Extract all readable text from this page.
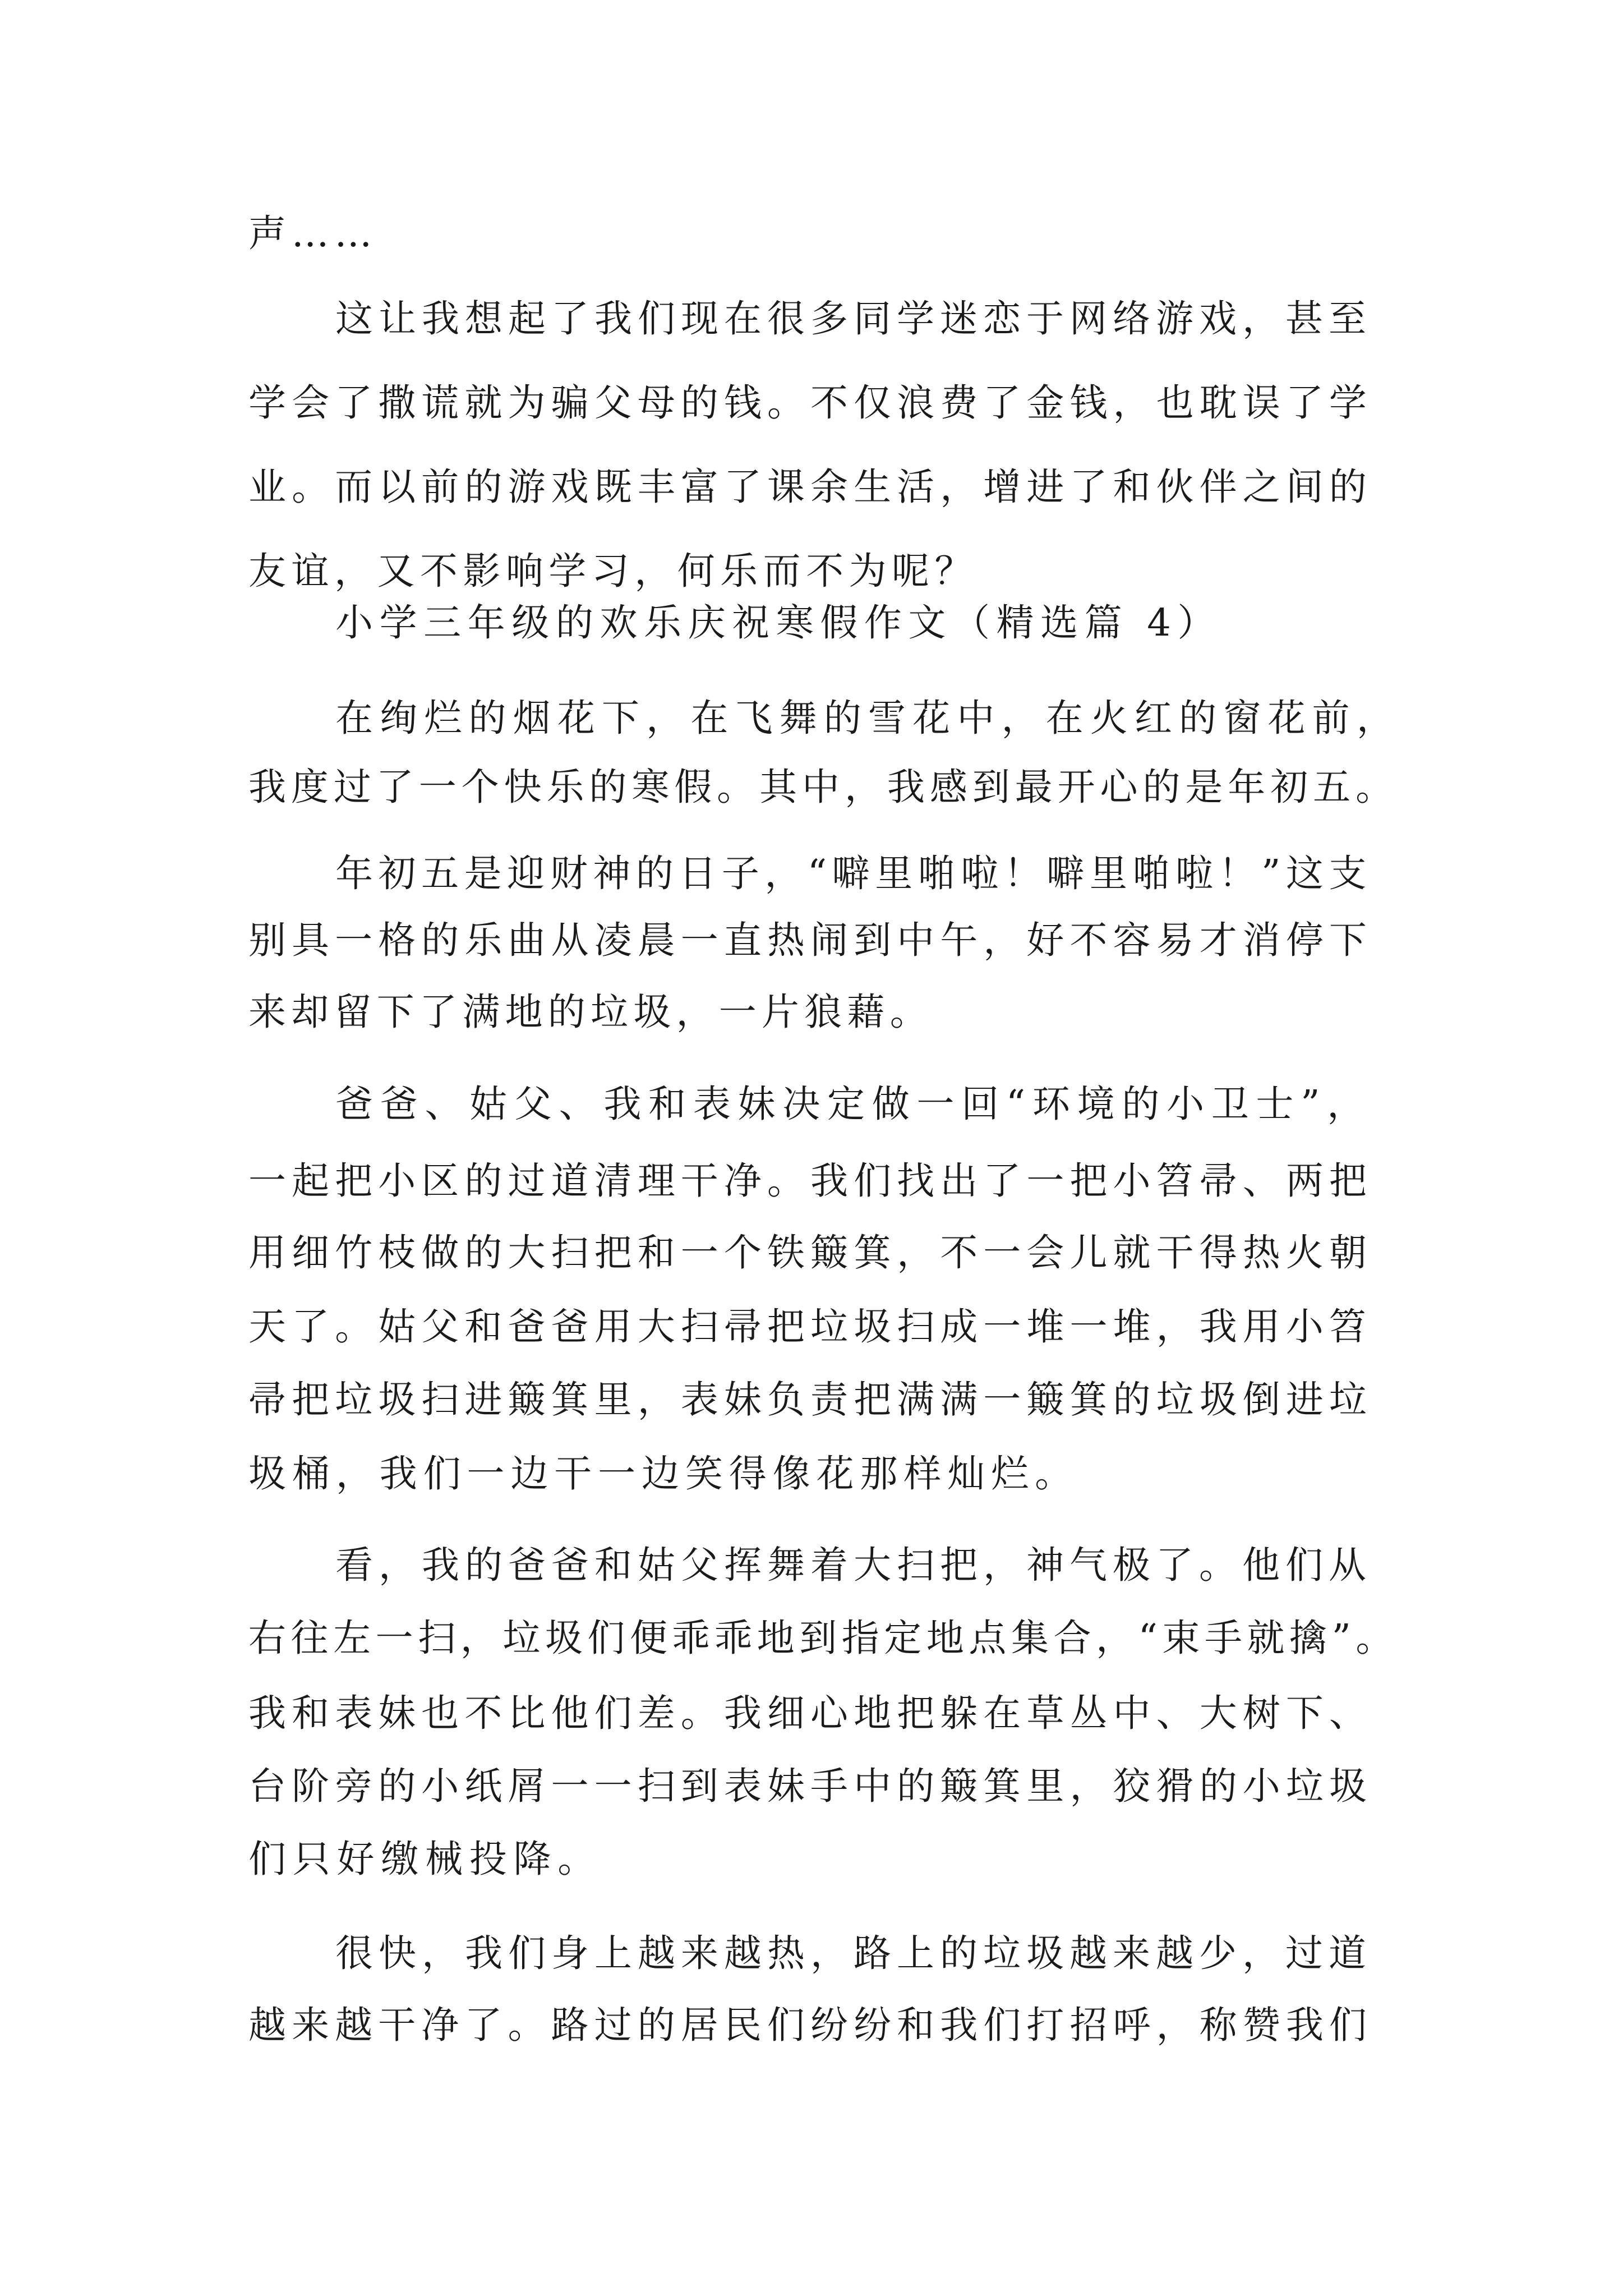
声……
这让我想起了我们现在很多同学迷恋于网络游戏，甚至
学会了撒谎就为骗父母的钱。不仅浪费了金钱，也耽误了学
业。而以前的游戏既丰富了课余生活，增进了和伙伴之间的
友谊，又不影响学习，何乐而不为呢？
小学三年级的欢乐庆祝寒假作文（精选篇 4）
在绚烂的烟花下，在飞舞的雪花中，在火红的窗花前，
我度过了一个快乐的寒假。其中，我感到最开心的是年初五。
年初五是迎财神的日子，“噼里啪啦！噼里啪啦！”这支
别具一格的乐曲从凌晨一直热闹到中午，好不容易才消停下
来却留下了满地的垃圾，一片狼藉。
爸爸、姑父、我和表妹决定做一回“环境的小卫士”，
一起把小区的过道清理干净。我们找出了一把小笤帚、两把
用细竹枝做的大扫把和一个铁簸箕，不一会儿就干得热火朝
天了。姑父和爸爸用大扫帚把垃圾扫成一堆一堆，我用小笤
帚把垃圾扫进簸箕里，表妹负责把满满一簸箕的垃圾倒进垃
圾桶，我们一边干一边笑得像花那样灿烂。
看，我的爸爸和姑父挥舞着大扫把，神气极了。他们从
右往左一扫，垃圾们便乖乖地到指定地点集合，“束手就擒”。
我和表妹也不比他们差。我细心地把躲在草丛中、大树下、
台阶旁的小纸屑一一扫到表妹手中的簸箕里，狡猾的小垃圾
们只好缴械投降。
很快，我们身上越来越热，路上的垃圾越来越少，过道
越来越干净了。路过的居民们纷纷和我们打招呼，称赞我们
